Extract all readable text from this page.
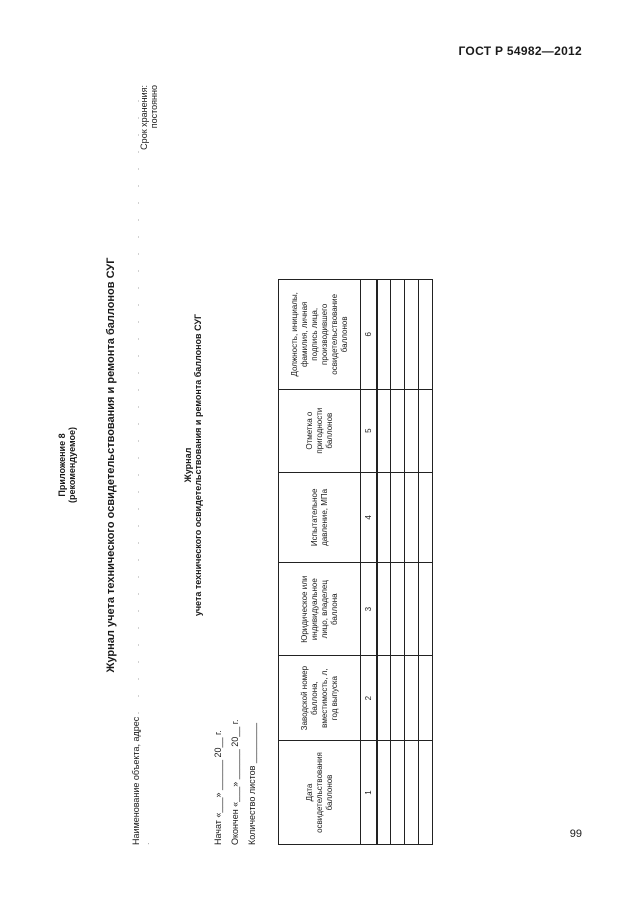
ГОСТ Р 54982—2012
Приложение 8 (рекомендуемое)	Журнал учета технического освидетельствования и ремонта баллонов СУГ
Наименование объекта, адрес . . . . . . . . . . . . . . . . . . . . . . . . . . . . . . . . . . . . . .
Срок хранения: постоянно
Журнал учета технического освидетельствования и ремонта баллонов СУГ
Начат «___» ______ 20__ г. Окончен «___» ______ 20__ г. Количество листов ________	Дата освидетельствования баллонов	Заводской номер баллона, вместимость, л, год выпуска	Юридическое или индивидуальное лицо, владелец баллона	Испытательное давление, МПа	Отметка о пригодности баллонов	Должность, инициалы, фамилия, личная подпись лица, производившего освидетельствование баллонов
1	2	3	4	5	6

99
